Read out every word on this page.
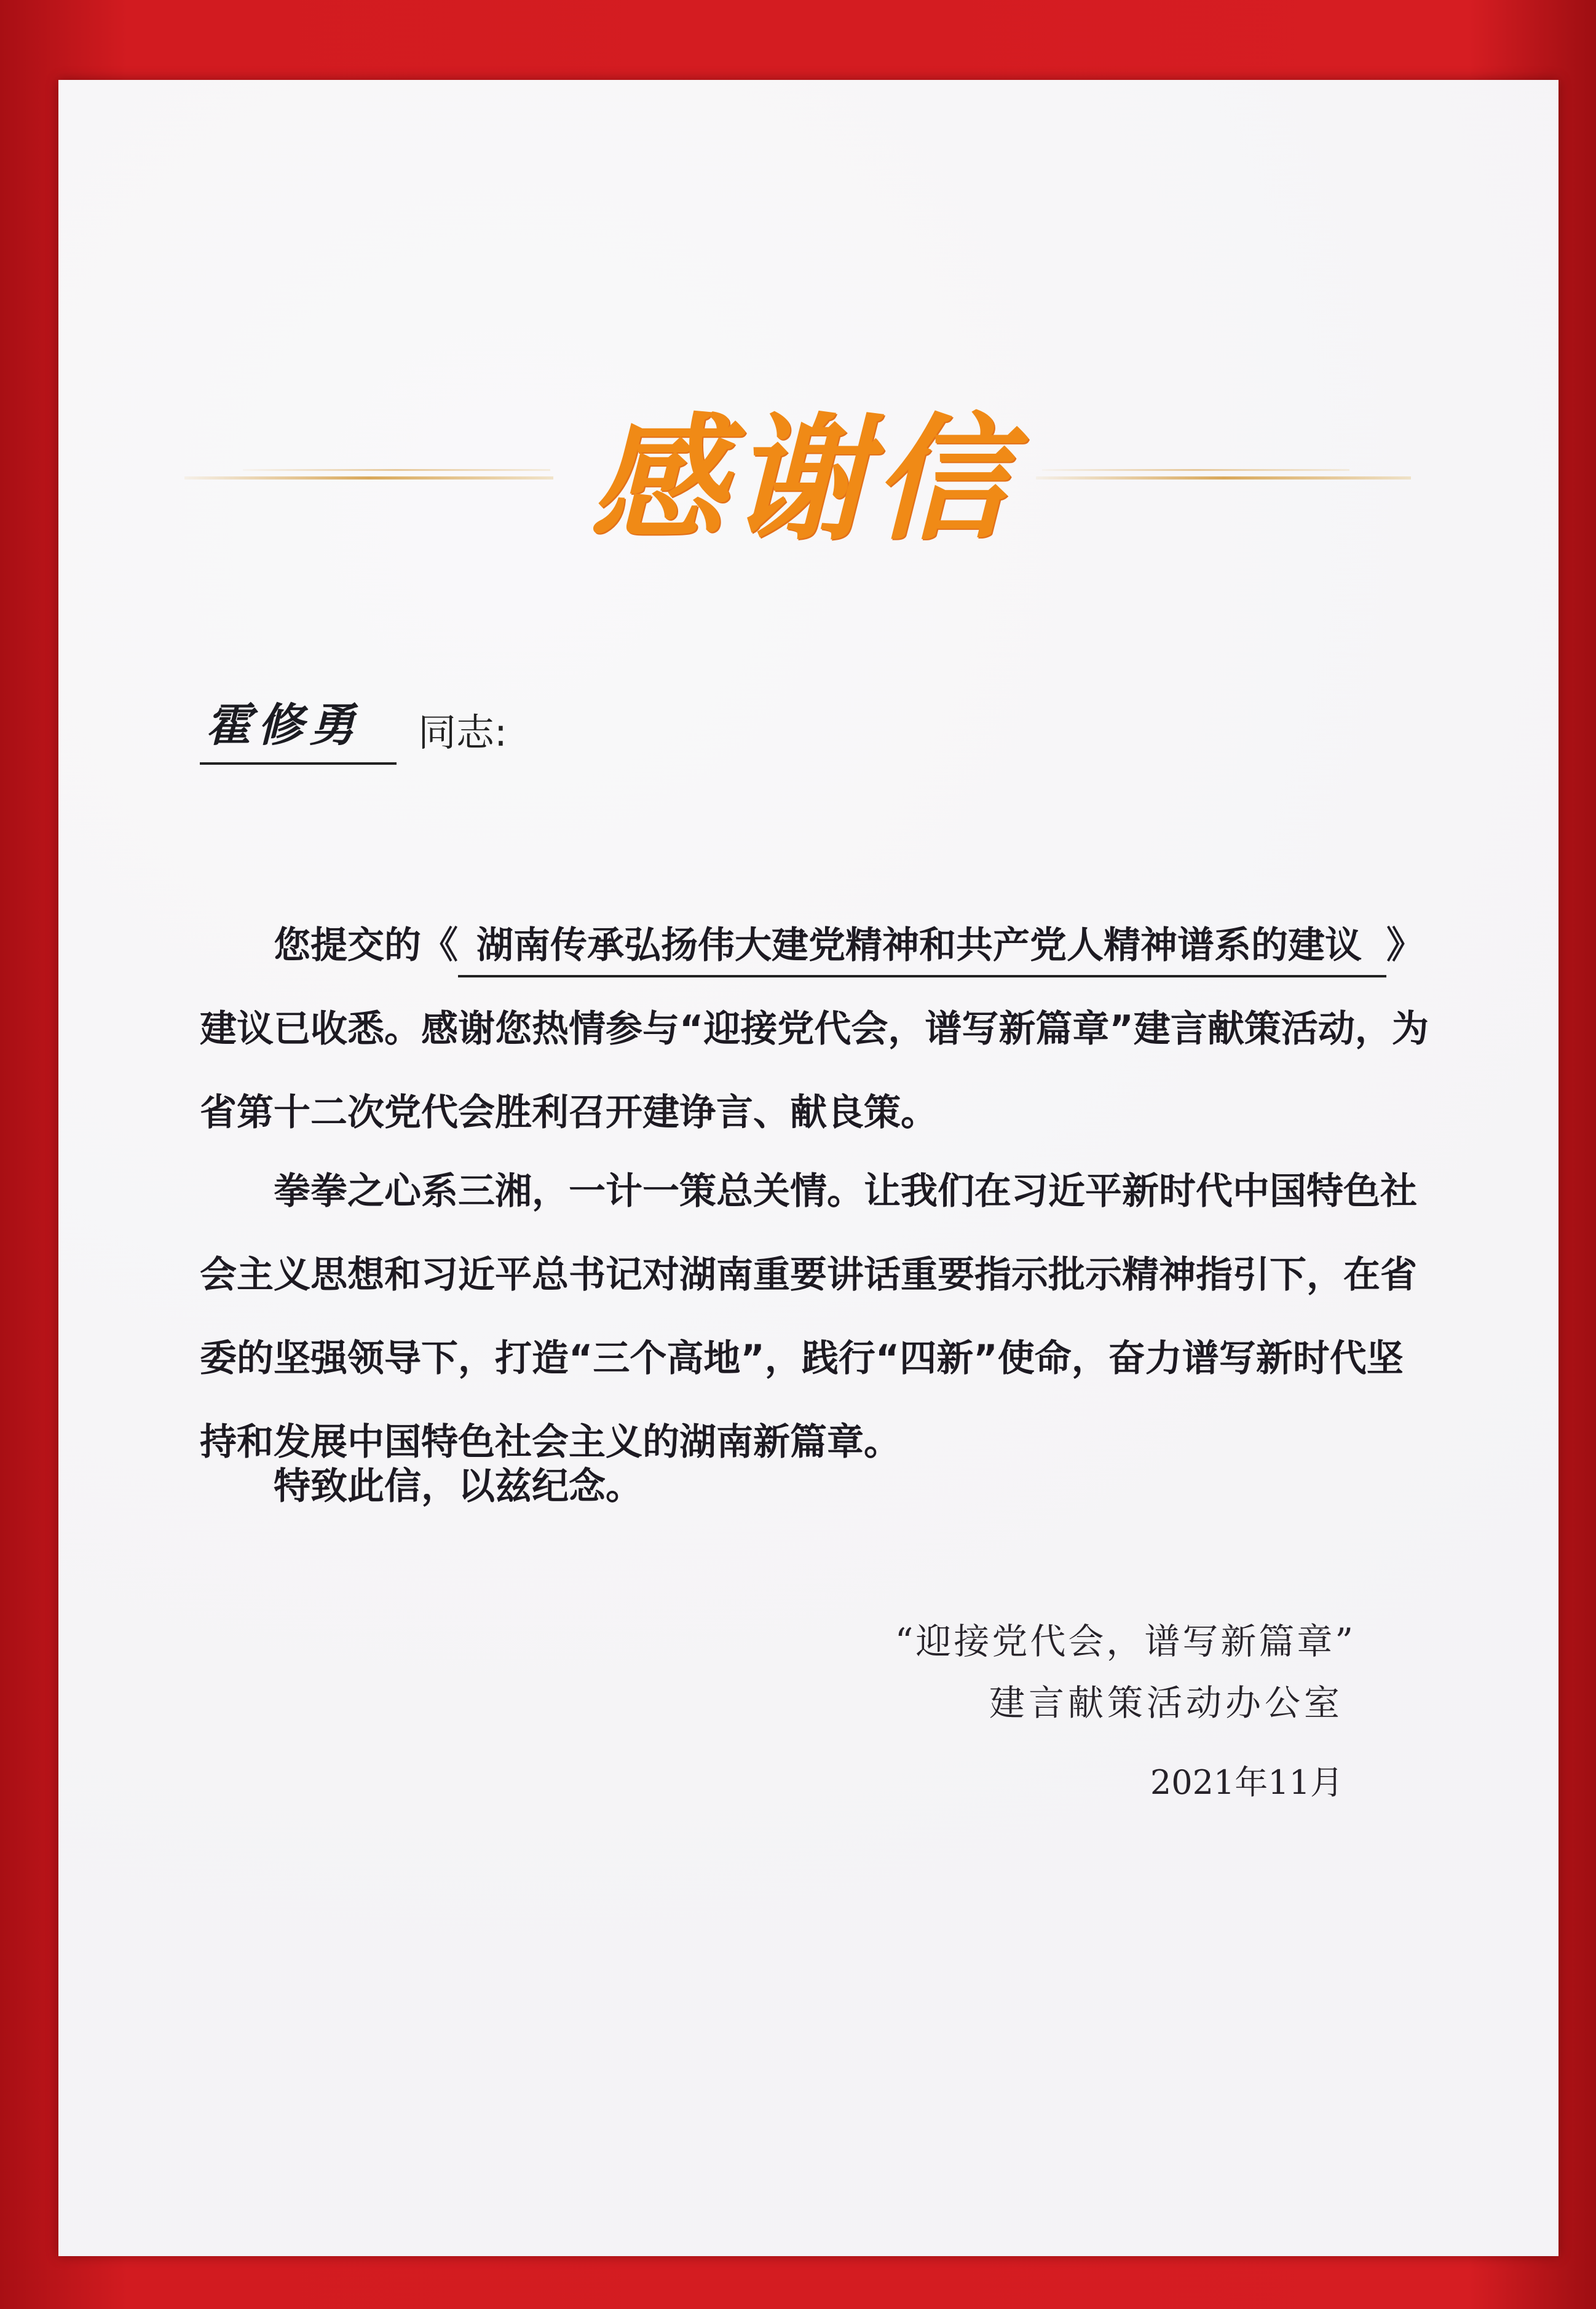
感谢信
霍修勇	同志:
您提交的《 湖南传承弘扬伟大建党精神和共产党人精神谱系的建议 》建议已收悉。感谢您热情参与“迎接党代会，谱写新篇章”建言献策活动，为省第十二次党代会胜利召开建诤言、献良策。
拳拳之心系三湘，一计一策总关情。让我们在习近平新时代中国特色社会主义思想和习近平总书记对湖南重要讲话重要指示批示精神指引下，在省委的坚强领导下，打造“三个高地”，践行“四新”使命，奋力谱写新时代坚持和发展中国特色社会主义的湖南新篇章。
特致此信，以兹纪念。
“迎接党代会，谱写新篇章”
建言献策活动办公室
2021年11月
